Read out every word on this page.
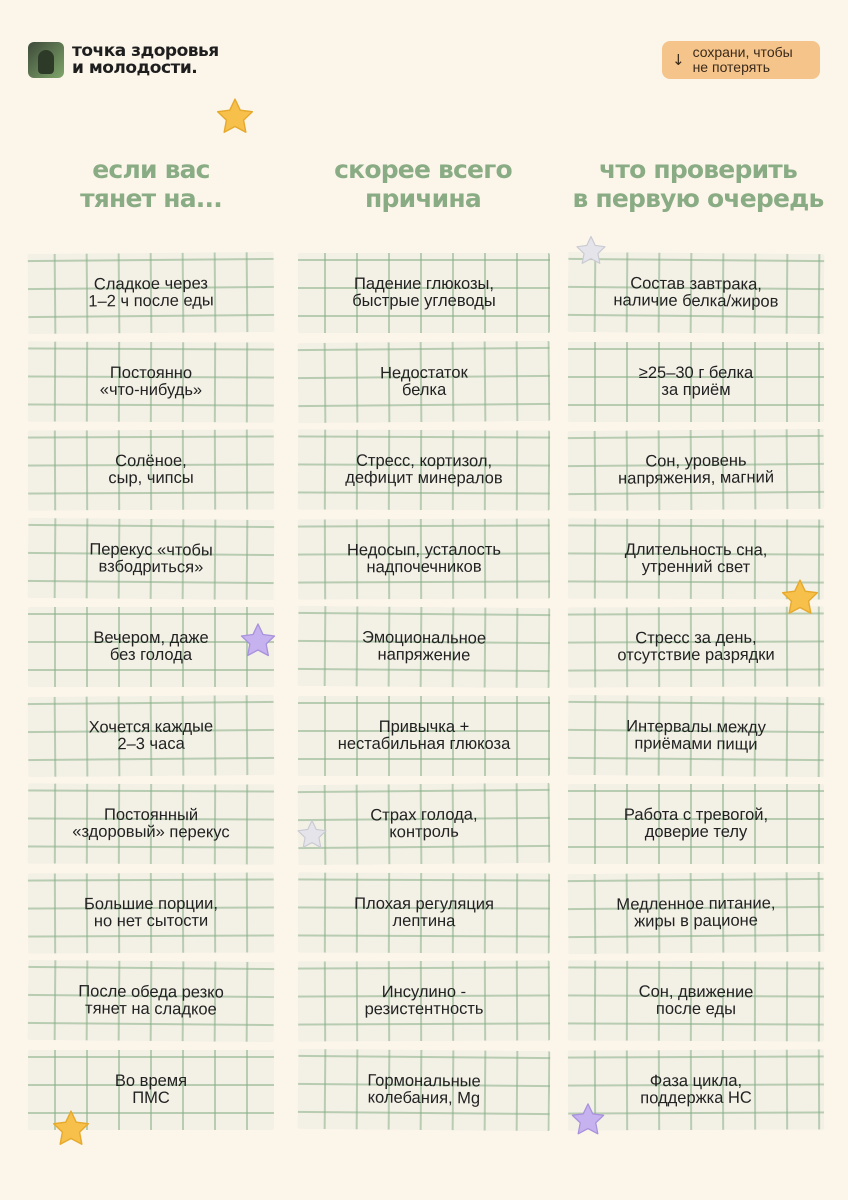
точка здоровья
и молодости.	↓ сохрани, чтобы
не потерять
если вас
тянет на...
скорее всего
причина
что проверить
в первую очередь
Сладкое через
1–2 ч после еды
Падение глюкозы,
быстрые углеводы
Состав завтрака,
наличие белка/жиров
Постоянно
«что-нибудь»
Недостаток
белка
≥25–30 г белка
за приём
Солёное,
сыр, чипсы
Стресс, кортизол,
дефицит минералов
Сон, уровень
напряжения, магний
Перекус «чтобы
взбодриться»
Недосып, усталость
надпочечников
Длительность сна,
утренний свет
Вечером, даже
без голода
Эмоциональное
напряжение
Стресс за день,
отсутствие разрядки
Хочется каждые
2–3 часа
Привычка +
нестабильная глюкоза
Интервалы между
приёмами пищи
Постоянный
«здоровый» перекус
Страх голода,
контроль
Работа с тревогой,
доверие телу
Большие порции,
но нет сытости
Плохая регуляция
лептина
Медленное питание,
жиры в рационе
После обеда резко
тянет на сладкое
Инсулино -
резистентность
Сон, движение
после еды
Во время
ПМС
Гормональные
колебания, Mg
Фаза цикла,
поддержка НС
